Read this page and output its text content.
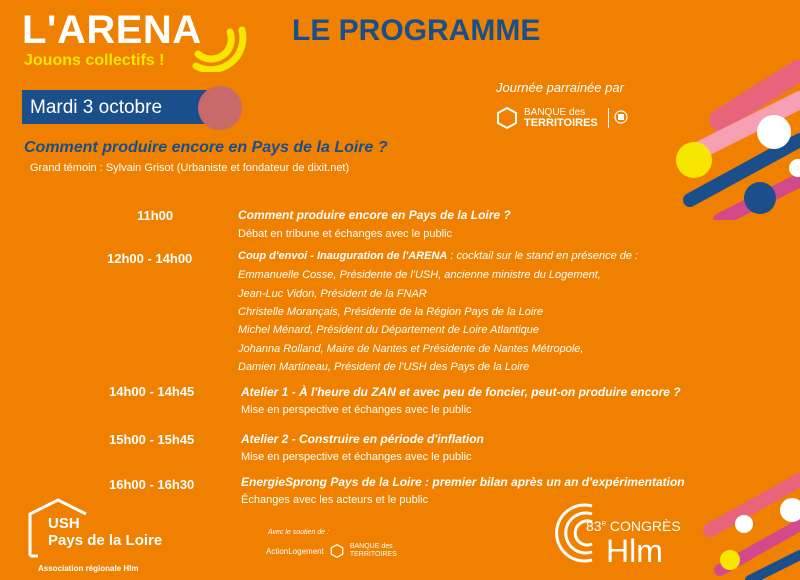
L'ARENA
Jouons collectifs !
LE PROGRAMME
Journée parrainée par
BANQUE des
TERRITOIRES
Mardi 3 octobre
Comment produire encore en Pays de la Loire ?
Grand témoin : Sylvain Grisot (Urbaniste et fondateur de dixit.net)
11h00	Comment produire encore en Pays de la Loire ?
Débat en tribune et échanges avec le public
12h00 - 14h00	Coup d'envoi - Inauguration de l'ARENA : cocktail sur le stand en présence de :
Emmanuelle Cosse, Présidente de l'USH, ancienne ministre du Logement,
Jean-Luc Vidon, Président de la FNAR
Christelle Morançais, Présidente de la Région Pays de la Loire
Michel Ménard, Président du Département de Loire Atlantique
Johanna Rolland, Maire de Nantes et Présidente de Nantes Métropole,
Damien Martineau, Président de l'USH des Pays de la Loire
14h00 - 14h45	Atelier 1 - À l'heure du ZAN et avec peu de foncier, peut-on produire encore ?
Mise en perspective et échanges avec le public
15h00 - 15h45	Atelier 2 - Construire en période d'inflation
Mise en perspective et échanges avec le public
16h00 - 16h30	EnergieSprong Pays de la Loire : premier bilan après un an d'expérimentation
Échanges avec les acteurs et le public
USH
Pays de la Loire
Association régionale Hlm
Avec le soutien de :
ActionLogement	BANQUE des
TERRITOIRES
83e CONGRÈS
Hlm
